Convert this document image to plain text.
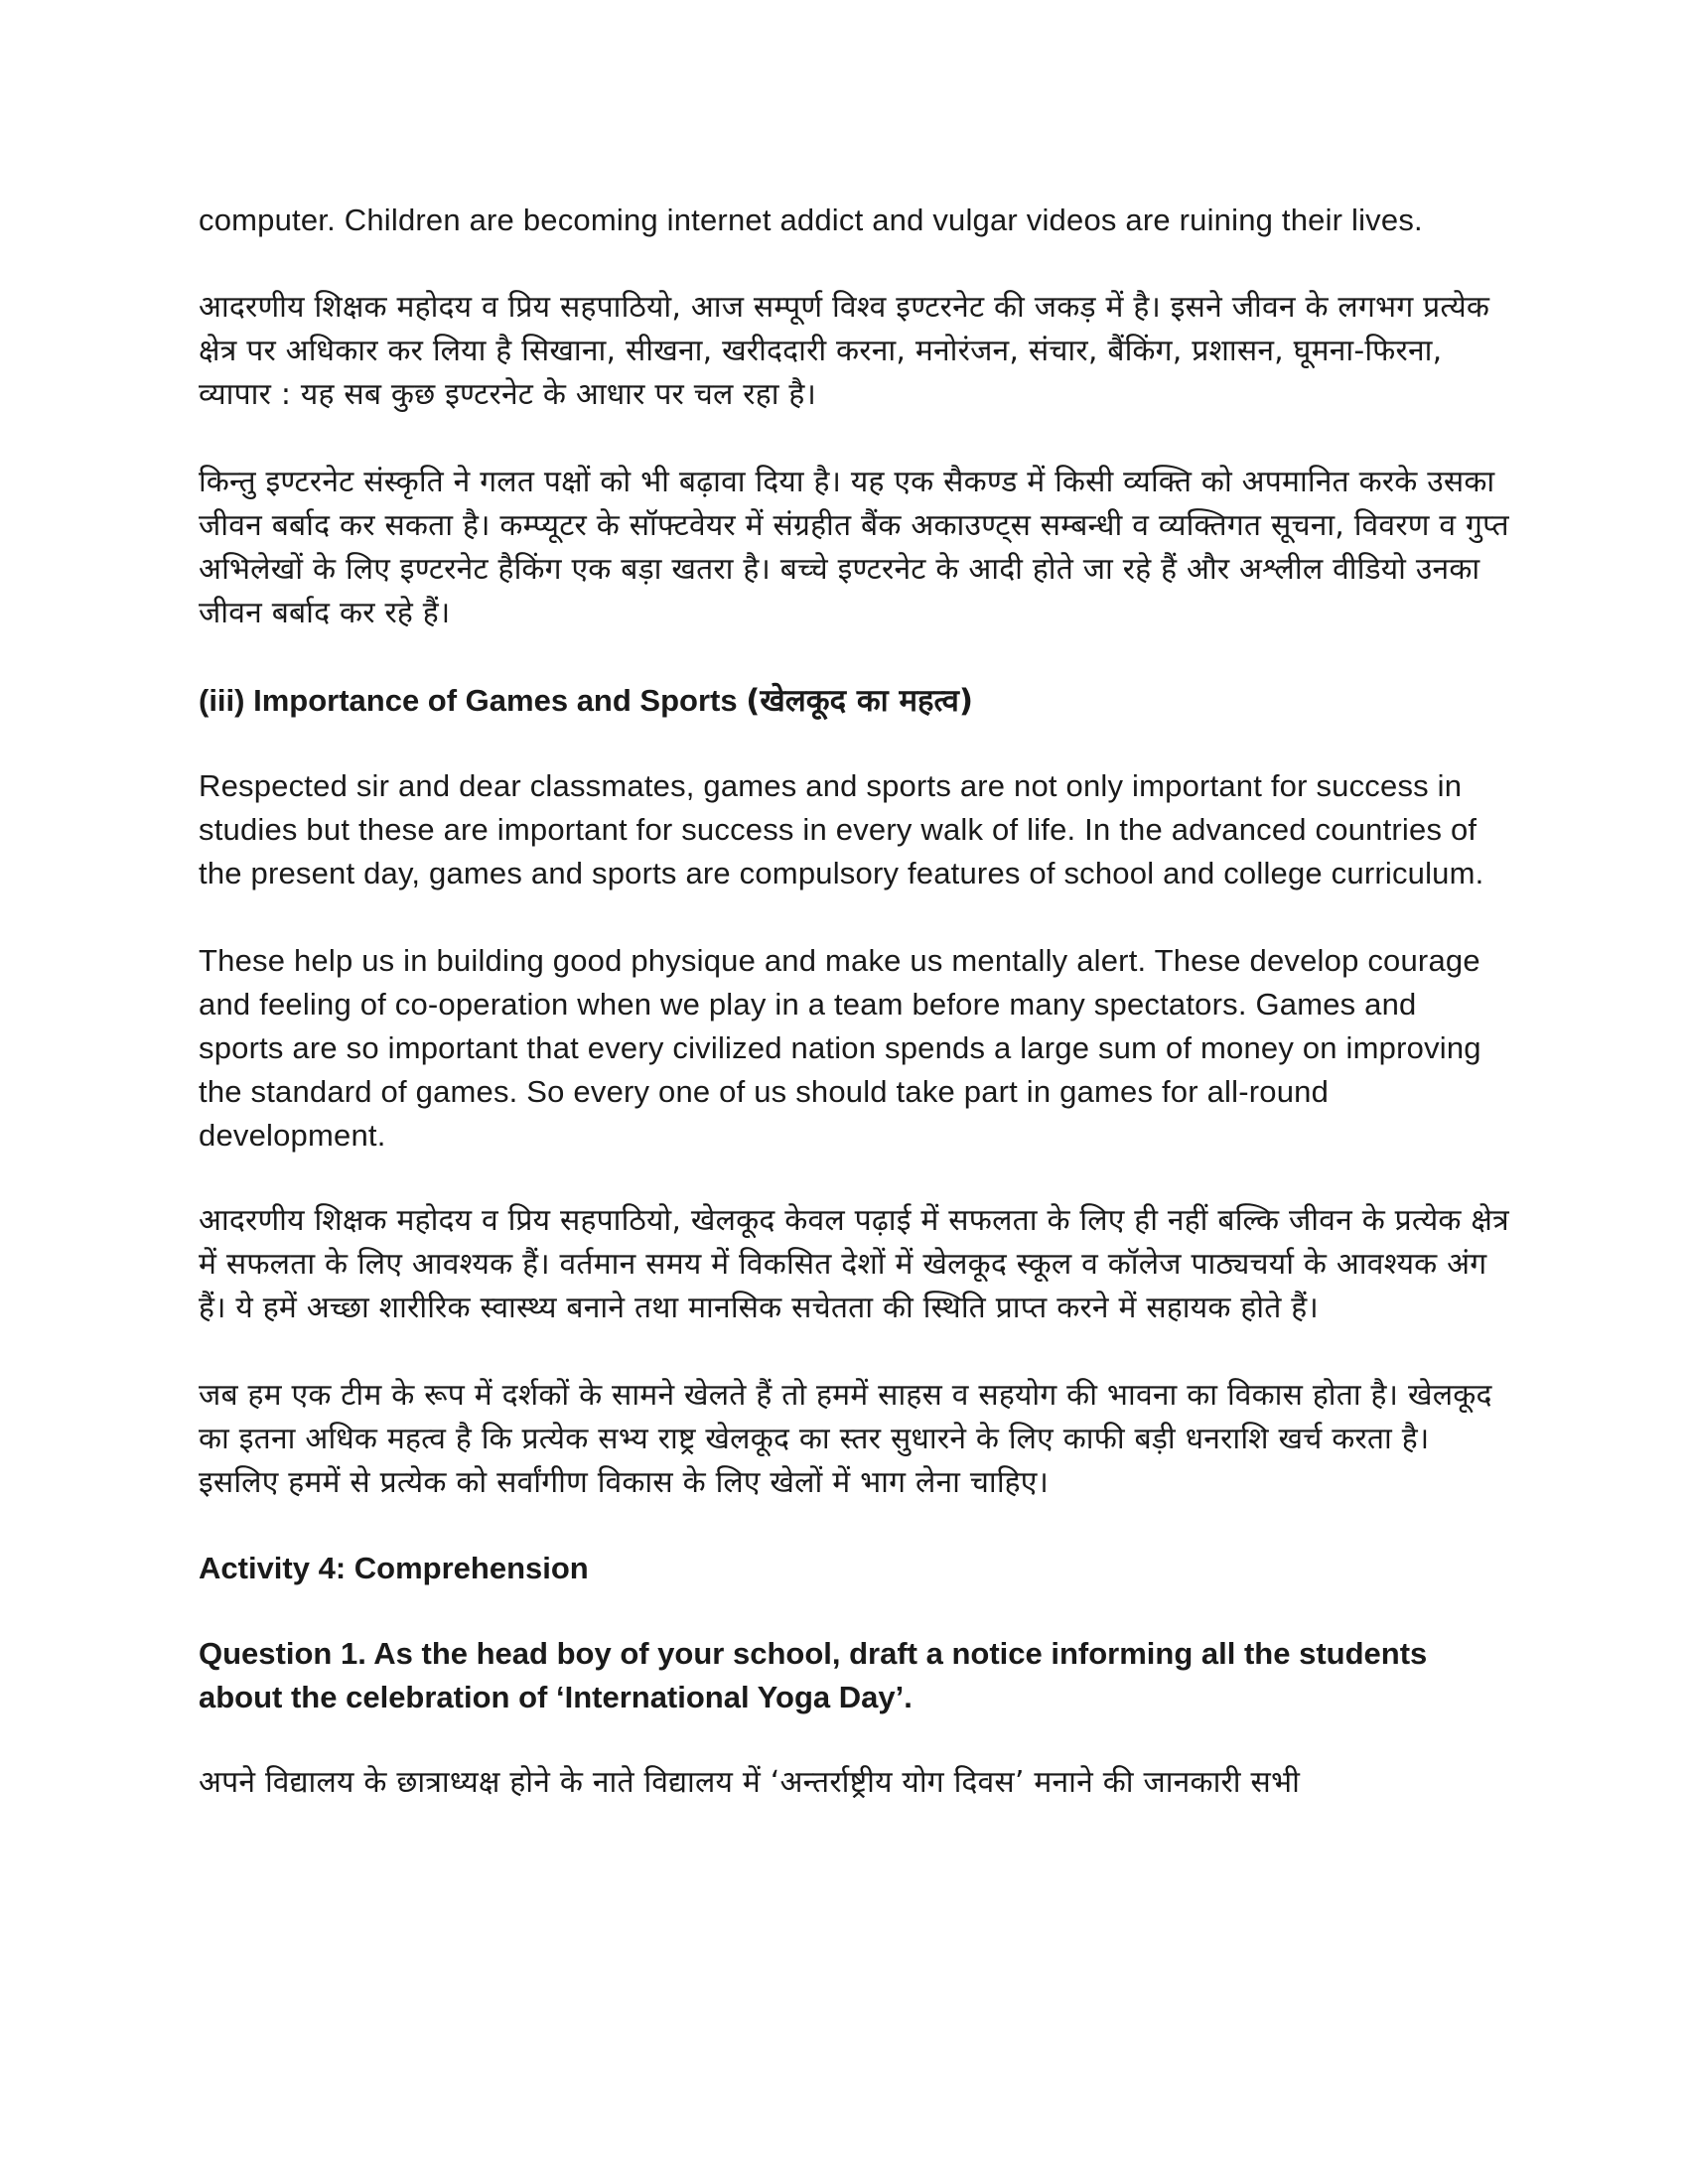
computer. Children are becoming internet addict and vulgar videos are ruining their lives.

आदरणीय शिक्षक महोदय व प्रिय सहपाठियो, आज सम्पूर्ण विश्व इण्टरनेट की जकड़ में है। इसने जीवन के लगभग प्रत्येक क्षेत्र पर अधिकार कर लिया है सिखाना, सीखना, खरीददारी करना, मनोरंजन, संचार, बैंकिंग, प्रशासन, घूमना-फिरना, व्यापार : यह सब कुछ इण्टरनेट के आधार पर चल रहा है।

किन्तु इण्टरनेट संस्कृति ने गलत पक्षों को भी बढ़ावा दिया है। यह एक सैकण्ड में किसी व्यक्ति को अपमानित करके उसका जीवन बर्बाद कर सकता है। कम्प्यूटर के सॉफ्टवेयर में संग्रहीत बैंक अकाउण्ट्स सम्बन्धी व व्यक्तिगत सूचना, विवरण व गुप्त अभिलेखों के लिए इण्टरनेट हैकिंग एक बड़ा खतरा है। बच्चे इण्टरनेट के आदी होते जा रहे हैं और अश्लील वीडियो उनका जीवन बर्बाद कर रहे हैं।

(iii) Importance of Games and Sports (खेलकूद का महत्व)

Respected sir and dear classmates, games and sports are not only important for success in studies but these are important for success in every walk of life. In the advanced countries of the present day, games and sports are compulsory features of school and college curriculum.

These help us in building good physique and make us mentally alert. These develop courage and feeling of co-operation when we play in a team before many spectators. Games and sports are so important that every civilized nation spends a large sum of money on improving the standard of games. So every one of us should take part in games for all-round development.

आदरणीय शिक्षक महोदय व प्रिय सहपाठियो, खेलकूद केवल पढ़ाई में सफलता के लिए ही नहीं बल्कि जीवन के प्रत्येक क्षेत्र में सफलता के लिए आवश्यक हैं। वर्तमान समय में विकसित देशों में खेलकूद स्कूल व कॉलेज पाठ्यचर्या के आवश्यक अंग हैं। ये हमें अच्छा शारीरिक स्वास्थ्य बनाने तथा मानसिक सचेतता की स्थिति प्राप्त करने में सहायक होते हैं।

जब हम एक टीम के रूप में दर्शकों के सामने खेलते हैं तो हममें साहस व सहयोग की भावना का विकास होता है। खेलकूद का इतना अधिक महत्व है कि प्रत्येक सभ्य राष्ट्र खेलकूद का स्तर सुधारने के लिए काफी बड़ी धनराशि खर्च करता है। इसलिए हममें से प्रत्येक को सर्वांगीण विकास के लिए खेलों में भाग लेना चाहिए।

Activity 4: Comprehension

Question 1. As the head boy of your school, draft a notice informing all the students about the celebration of ‘International Yoga Day’.

अपने विद्यालय के छात्राध्यक्ष होने के नाते विद्यालय में ‘अन्तर्राष्ट्रीय योग दिवस’ मनाने की जानकारी सभी
